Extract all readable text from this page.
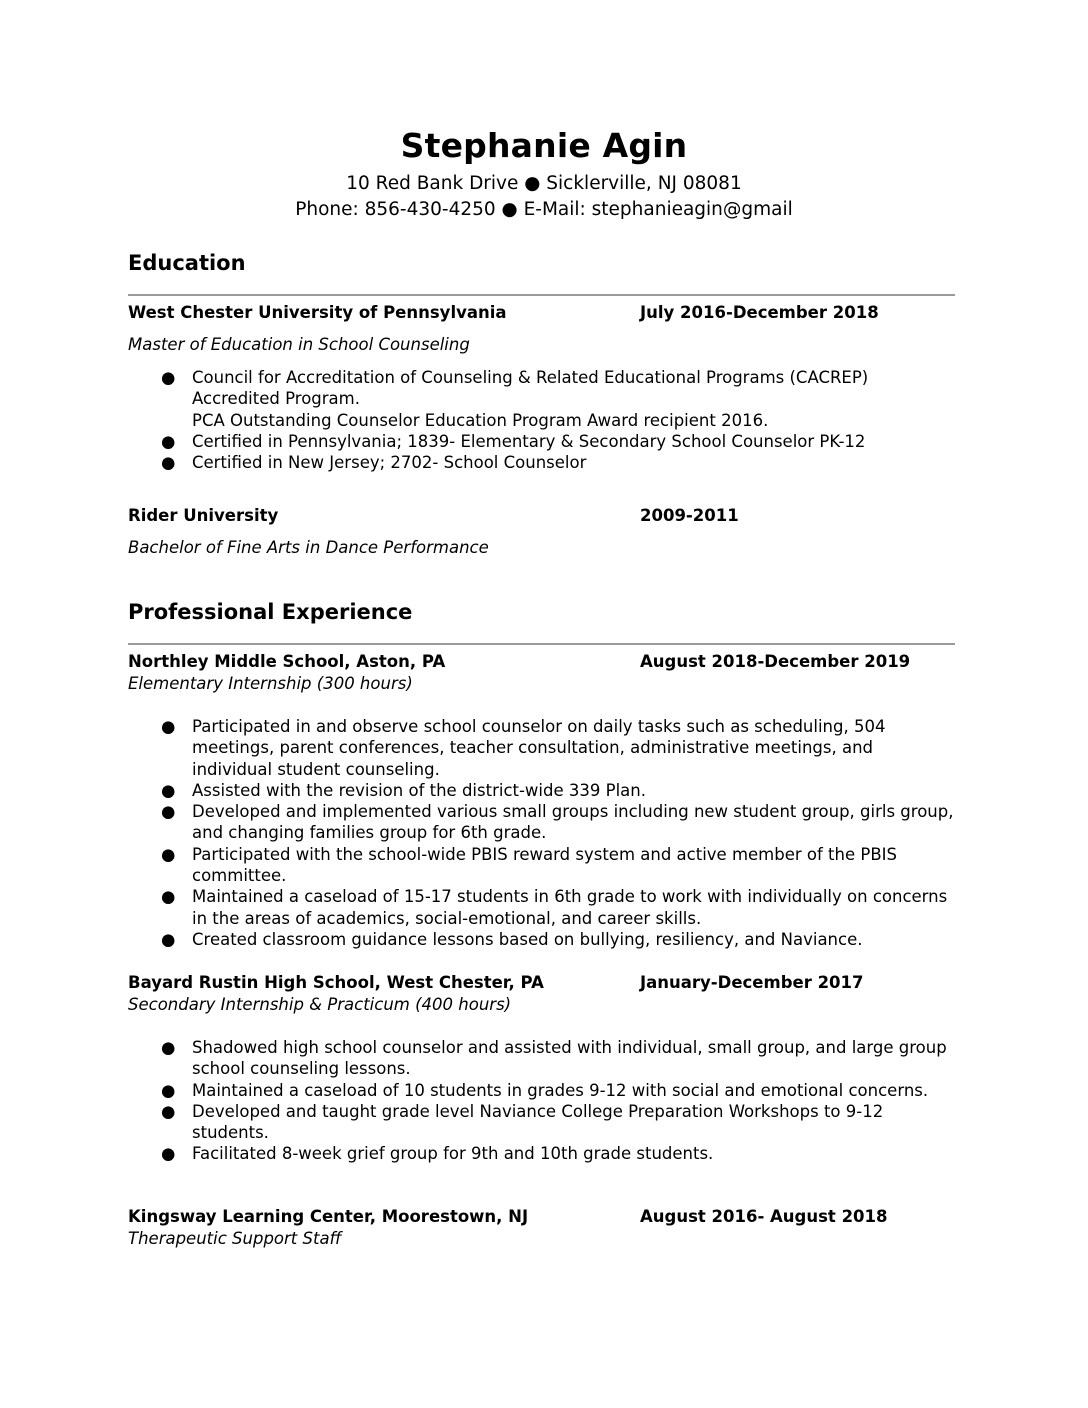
Stephanie Agin
10 Red Bank Drive ● Sicklerville, NJ 08081
Phone: 856-430-4250 ● E-Mail: stephanieagin@gmail
Education
West Chester University of Pennsylvania	July 2016-December 2018
Master of Education in School Counseling
● Council for Accreditation of Counseling & Related Educational Programs (CACREP) Accredited Program.
PCA Outstanding Counselor Education Program Award recipient 2016.
● Certified in Pennsylvania; 1839- Elementary & Secondary School Counselor PK-12
● Certified in New Jersey; 2702- School Counselor
Rider University	2009-2011
Bachelor of Fine Arts in Dance Performance
Professional Experience
Northley Middle School, Aston, PA	August 2018-December 2019
Elementary Internship (300 hours)
● Participated in and observe school counselor on daily tasks such as scheduling, 504 meetings, parent conferences, teacher consultation, administrative meetings, and individual student counseling.
● Assisted with the revision of the district-wide 339 Plan.
● Developed and implemented various small groups including new student group, girls group, and changing families group for 6th grade.
● Participated with the school-wide PBIS reward system and active member of the PBIS committee.
● Maintained a caseload of 15-17 students in 6th grade to work with individually on concerns in the areas of academics, social-emotional, and career skills.
● Created classroom guidance lessons based on bullying, resiliency, and Naviance.
Bayard Rustin High School, West Chester, PA	January-December 2017
Secondary Internship & Practicum (400 hours)
● Shadowed high school counselor and assisted with individual, small group, and large group school counseling lessons.
● Maintained a caseload of 10 students in grades 9-12 with social and emotional concerns.
● Developed and taught grade level Naviance College Preparation Workshops to 9-12 students.
● Facilitated 8-week grief group for 9th and 10th grade students.
Kingsway Learning Center, Moorestown, NJ	August 2016- August 2018
Therapeutic Support Staff
